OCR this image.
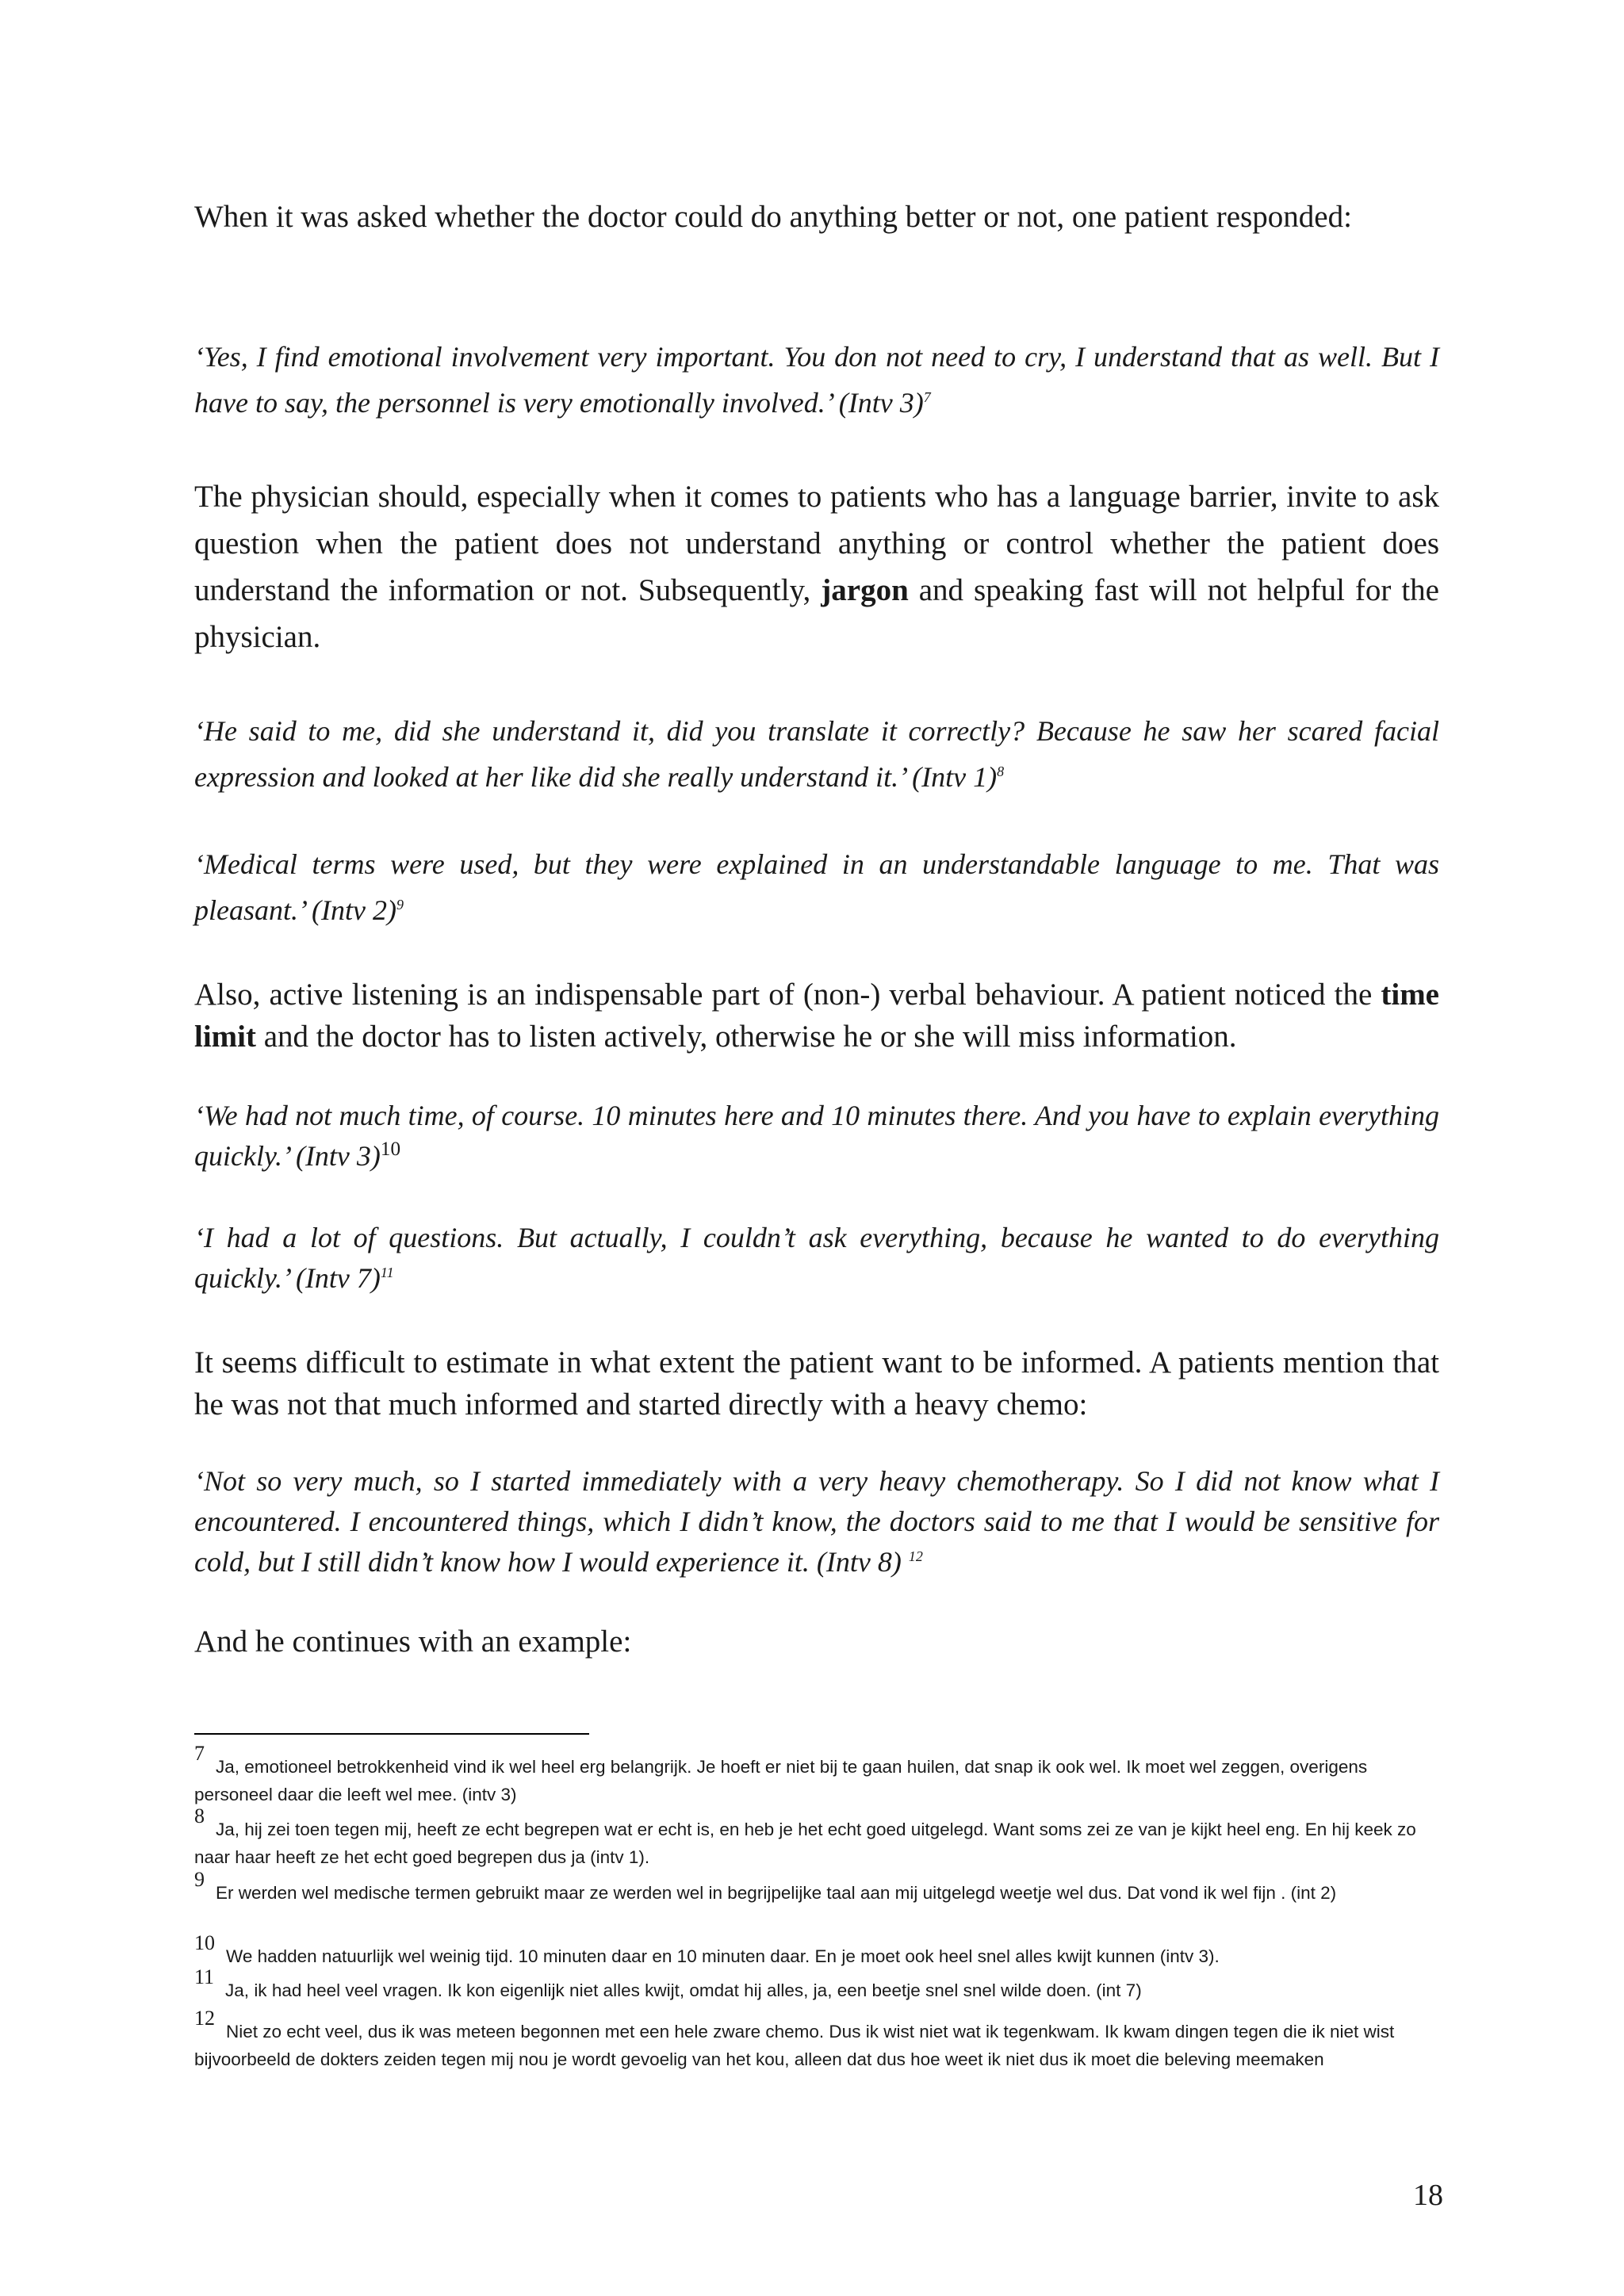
When it was asked whether the doctor could do anything better or not, one patient responded:

‘Yes, I find emotional involvement very important. You don not need to cry, I understand that as well. But I have to say, the personnel is very emotionally involved.’ (Intv 3)$^7$

The physician should, especially when it comes to patients who has a language barrier, invite to ask question when the patient does not understand anything or control whether the patient does understand the information or not. Subsequently, jargon and speaking fast will not helpful for the physician.

‘He said to me, did she understand it, did you translate it correctly? Because he saw her scared facial expression and looked at her like did she really understand it.’ (Intv 1)$^8$

‘Medical terms were used, but they were explained in an understandable language to me. That was pleasant.’ (Intv 2)$^9$

Also, active listening is an indispensable part of (non-) verbal behaviour. A patient noticed the time limit and the doctor has to listen actively, otherwise he or she will miss information.

‘We had not much time, of course. 10 minutes here and 10 minutes there. And you have to explain everything quickly.’ (Intv 3)$^{10}$

‘I had a lot of questions. But actually, I couldn’t ask everything, because he wanted to do everything quickly.’ (Intv 7)$^{11}$

It seems difficult to estimate in what extent the patient want to be informed. A patients mention that he was not that much informed and started directly with a heavy chemo:

‘Not so very much, so I started immediately with a very heavy chemotherapy. So I did not know what I encountered. I encountered things, which I didn’t know, the doctors said to me that I would be sensitive for cold, but I still didn’t know how I would experience it. (Intv 8) $^{12}$

And he continues with an example:

7Ja, emotioneel betrokkenheid vind ik wel heel erg belangrijk. Je hoeft er niet bij te gaan huilen, dat snap ik ook wel. Ik moet wel zeggen, overigens personeel daar die leeft wel mee. (intv 3)

8Ja, hij zei toen tegen mij, heeft ze echt begrepen wat er echt is, en heb je het echt goed uitgelegd. Want soms zei ze van je kijkt heel eng. En hij keek zo naar haar heeft ze het echt goed begrepen dus ja (intv 1).

9Er werden wel medische termen gebruikt maar ze werden wel in begrijpelijke taal aan mij uitgelegd weetje wel dus. Dat vond ik wel fijn . (int 2)

10We hadden natuurlijk wel weinig tijd. 10 minuten daar en 10 minuten daar. En je moet ook heel snel alles kwijt kunnen (intv 3).

11Ja, ik had heel veel vragen. Ik kon eigenlijk niet alles kwijt, omdat hij alles, ja, een beetje snel snel wilde doen. (int 7)

12Niet zo echt veel, dus ik was meteen begonnen met een hele zware chemo. Dus ik wist niet wat ik tegenkwam. Ik kwam dingen tegen die ik niet wist bijvoorbeeld de dokters zeiden tegen mij nou je wordt gevoelig van het kou, alleen dat dus hoe weet ik niet dus ik moet die beleving meemaken

18
